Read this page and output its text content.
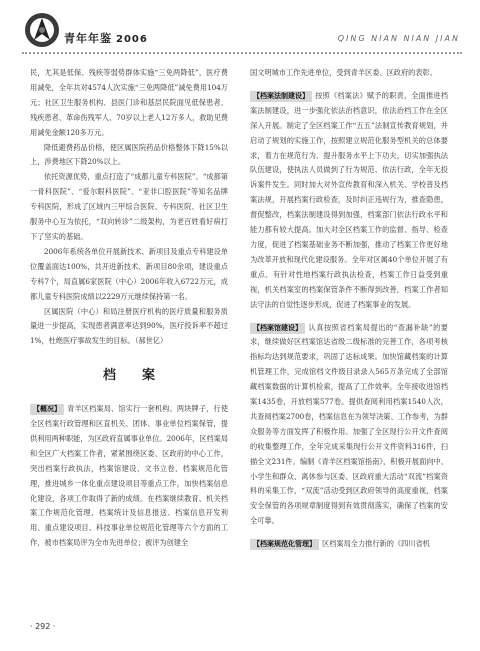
青年年鉴 2006	QING NIAN NIAN JIAN

民，尤其是低保、残疾等弱势群体实施“三免两降低”，医疗费用减免，全年共对4574人次实施“三免两降低”减免费用104万元；社区卫生服务机构、县医门诊和基层民院面见低保患者、残疾患者、革命伤残军人、70岁以上老人12万多人，救助见费用减免金额120多万元。

降低避费药品价格，使区属医院药品价格整体下降15%以上，涉费地区下降20%以上。

依托资源优势，重点打造了“成都儿童专科医院”、“成都第一骨科医院”、“爱尔眼科医院”、“亚非口腔医院”等知名品牌专科医院，形成了区域内三甲综合医院、专科医院、社区卫生服务中心互为依托，“双向转诊”二级架构，为老百姓看好病打下了坚实的基础。

2006年系统各单位开展新技术、新项目及重点专科建设单位覆盖面达100%，共开进新技术、新项目80余项，建设重点专科7个，局直属6家医院（中心）2006年收入6722万元，成都儿童专科医院成绩以2229万元继续保持第一名。

区属医院（中心）和局注册医疗机构的医疗质量和服务质量进一步提高，实现患者满意率达到90%，医疗投诉率不超过1%，杜绝医疗事故发生的目标。（郝世亿）

档案

【概况】 青羊区档案局、馆实行一套机构、两块牌子，行使全区档案行政管理和区直机关、团体、事业单位档案保管，提供利用两种职能，为区政府直属事业单位。2006年，区档案局和全区广大档案工作者，紧紧围绕区委、区政府的中心工作，突出档案行政执法，档案馆建设、文书立卷、档案规范化管理，推进城乡一体化重点建设项目等重点工作，加快档案信息化建设，各项工作取得了新的成绩。在档案继续教育、机关档案工作规范化管理、档案统计及信息报送、档案信息开发利用、重点建设项目、科技事业单位规范化管理等六个方面的工作，被市档案局评为全市先进单位；被评为创建全

国文明城市工作先进单位，受到青羊区委、区政府的表彰。

【档案法制建设】 按照《档案法》赋予的职责，全面推进档案法制建设，进一步强化依法治档意识，依法治档工作在全区深入开展。制定了全区档案工作“五五”法制宣传教育规划，并启动了规划的实施工作，按照建立规范化服务型机关的总体要求，着力在规范行为、提升服务水平上下功夫，切实加强执法队伍建设，使执法人员做到了行为规范、依法行政，全年无投诉案件发生。同时加大对外宣传教育和深入机关、学校普及档案法规，开展档案行政检查，及时纠正违规行为，推查隐患，督促整改，档案法制建设得到加强，档案部门依法行政水平和能力都有较大提高。加大对全区档案工作的监督、指导、检查力度，促进了档案基础业务不断加强，推动了档案工作更好地为改革开放和现代化建设服务。全年对区属40个单位开展了有重点、有针对性地档案行政执法检查，档案工作日益受到重视，机关档案室的档案保管条件不断得到改善，档案工作者知法守法的自觉性逐步形成，促进了档案事业的发展。

【档案馆建设】 认真按照省档案局提出的“查漏补缺”的要求，继续做好区档案馆达省级二级标准的完善工作，各项考核指标均达到规范要求，巩固了达标成果。加快馆藏档案的计算机管理工作，完成馆档文件级目录录入565万条完成了全部馆藏档案数据的计算机检索，提高了工作效率。全年接收进馆档案1435卷，开放档案577卷。提供查阅利用档案1540人次，共查阅档案2700卷，档案信息在为领导决策、工作参考，为群众服务等方面发挥了积极作用。加强了全区现行公开文件查阅的收集整理工作，全年完成采集现行公开文件资料316件，扫描全文231件。编制《青羊区档案馆指南》，积极开展面向中、小学生和群众、离休参与区委、区政府重大活动“双流”档案资料的采集工作，“双流”活动受到区政府领导的高度重视，档案安全保管的各项规章制度得到有效贯彻落实，确保了档案的安全可靠。

【档案规范化管理】 区档案局全力推行新的《四川省机

· 292 ·
